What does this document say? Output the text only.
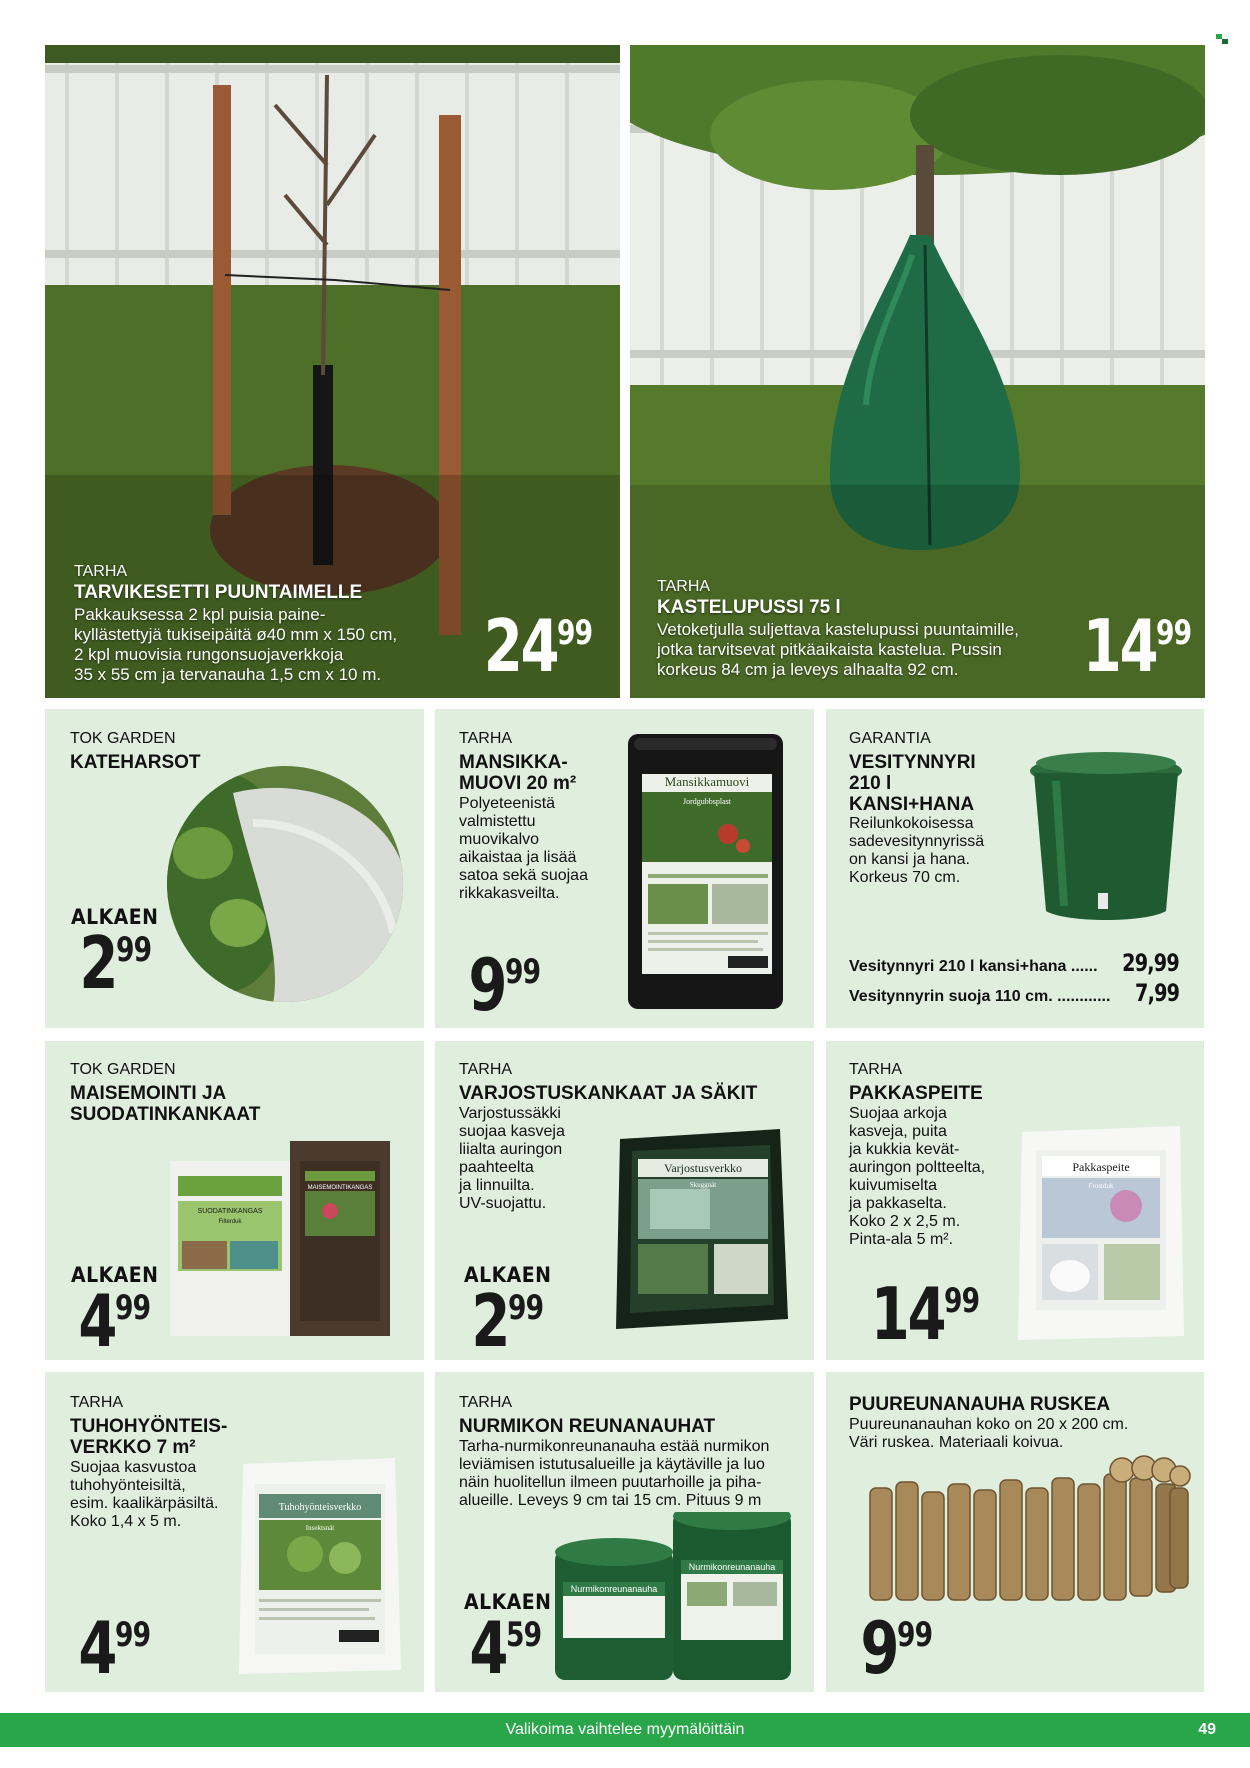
TARHA
TARVIKESETTI PUUNTAIMELLE
Pakkauksessa 2 kpl puisia paine-
kyllästettyjä tukiseipäitä ø40 mm x 150 cm,
2 kpl muovisia rungonsuojaverkkoja
35 x 55 cm ja tervanauha 1,5 cm x 10 m. 24 99
TARHA
KASTELUPUSSI 75 l
Vetoketjulla suljettava kastelupussi puuntaimille,
jotka tarvitsevat pitkäaikaista kastelua. Pussin
korkeus 84 cm ja leveys alhaalta 92 cm.	14 99
TOK GARDEN
KATEHARSOT
ALKAEN
2 99
TARHA
MANSIKKA-
MUOVI 20 m²
Polyeteenistä
valmistettu
muovikalvo
aikaistaa ja lisää
satoa sekä suojaa
rikkakasveilta.
Mansikkamuovi
Jordgubbsplast
9 99
GARANTIA
VESITYNNYRI
210 l
KANSI+HANA
Reilunkokoisessa
sadevesitynnyrissä
on kansi ja hana.
Korkeus 70 cm.
Vesitynnyri 210 l kansi+hana ...... 29,99
Vesitynnyrin suoja 110 cm. ............ 7,99
TOK GARDEN
MAISEMOINTI JA
SUODATINKANKAAT
MAISEMOINTIKANGAS
SUODATINKANGAS
Filterduk
ALKAEN
4 99
TARHA
VARJOSTUSKANKAAT JA SÄKIT
Varjostussäkki
suojaa kasveja
liialta auringon
paahteelta
ja linnuilta.
UV-suojattu.
Varjostusverkko
Skuggnät
ALKAEN
2 99
TARHA
PAKKASPEITE
Suojaa arkoja
kasveja, puita
ja kukkia kevät-
auringon poltteelta,
kuivumiselta
ja pakkaselta.
Koko 2 x 2,5 m.
Pinta-ala 5 m².
Pakkaspeite
Frostduk
14 99
TARHA
TUHOHYÖNTEIS-
VERKKO 7 m²
Suojaa kasvustoa
tuhohyönteisiltä,
esim. kaalikärpäsiltä.
Koko 1,4 x 5 m.
Tuhohyönteisverkko
Insektsnät
4 99
TARHA
NURMIKON REUNANAUHAT
Tarha-nurmikonreunanauha estää nurmikon
leviämisen istutusalueille ja käytäville ja luo
näin huolitellun ilmeen puutarhoille ja piha-
alueille. Leveys 9 cm tai 15 cm. Pituus 9 m
Nurmikonreunanauha
Nurmikonreunanauha
ALKAEN
4 59
PUUREUNANAUHA RUSKEA
Puureunanauhan koko on 20 x 200 cm.
Väri ruskea. Materiaali koivua.
9 99
Valikoima vaihtelee myymälöittäin	49
